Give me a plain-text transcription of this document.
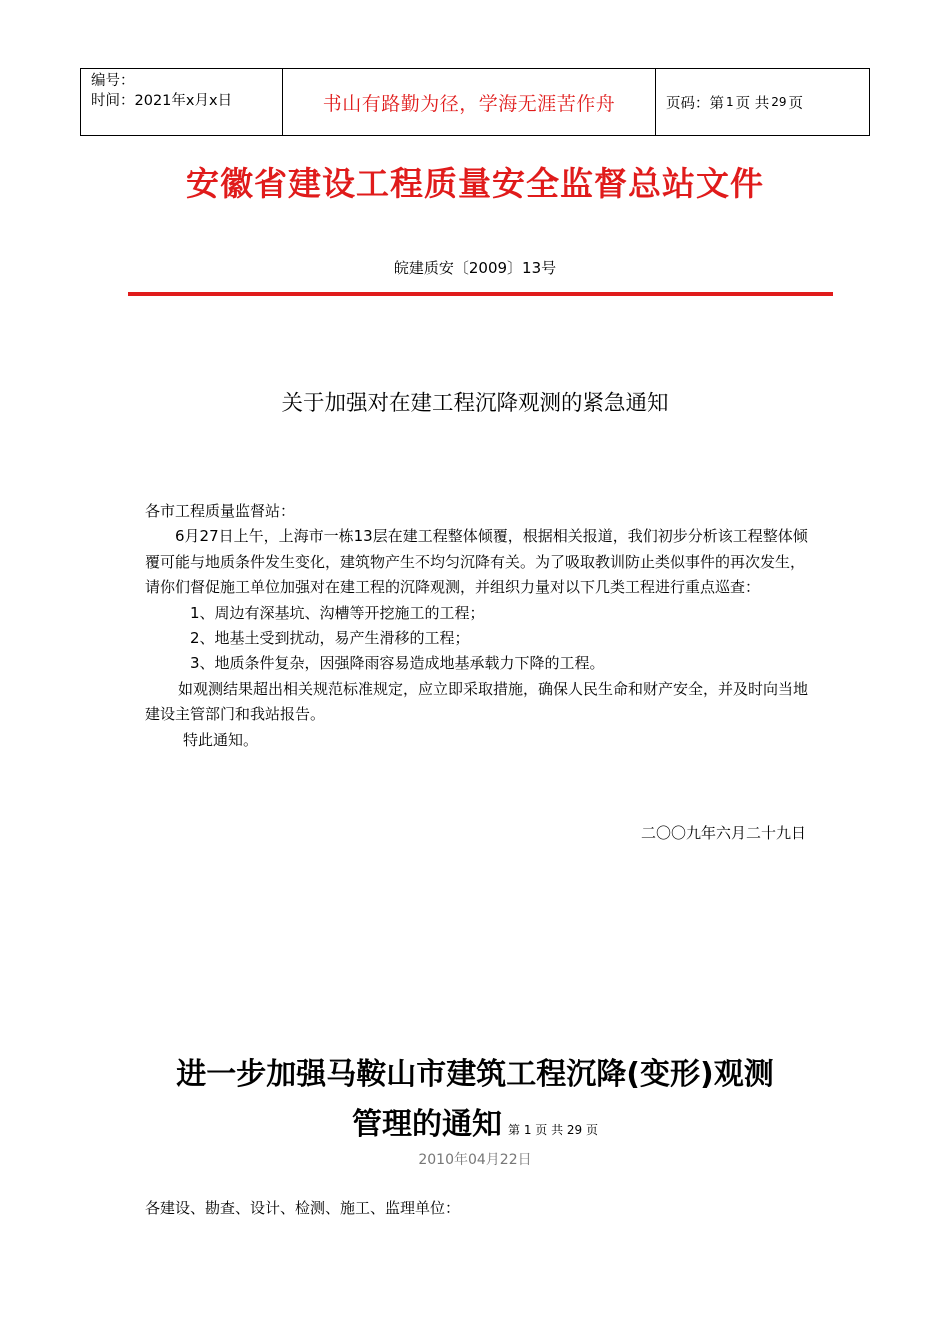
编号：
时间：2021年x月x日	书山有路勤为径，学海无涯苦作舟	页码：第 1 页 共 29 页
安徽省建设工程质量安全监督总站文件
皖建质安〔2009〕13号
关于加强对在建工程沉降观测的紧急通知

各市工程质量监督站：

6月27日上午，上海市一栋13层在建工程整体倾覆，根据相关报道，我们初步分析该工程整体倾覆可能与地质条件发生变化，建筑物产生不均匀沉降有关。为了吸取教训防止类似事件的再次发生，请你们督促施工单位加强对在建工程的沉降观测，并组织力量对以下几类工程进行重点巡查：

1、周边有深基坑、沟槽等开挖施工的工程；

2、地基土受到扰动，易产生滑移的工程；

3、地质条件复杂，因强降雨容易造成地基承载力下降的工程。

如观测结果超出相关规范标准规定，应立即采取措施，确保人民生命和财产安全，并及时向当地建设主管部门和我站报告。

特此通知。

二〇〇九年六月二十九日
进一步加强马鞍山市建筑工程沉降(变形)观测
管理的通知 第 1 页 共 29 页
2010年04月22日
各建设、勘查、设计、检测、施工、监理单位：
